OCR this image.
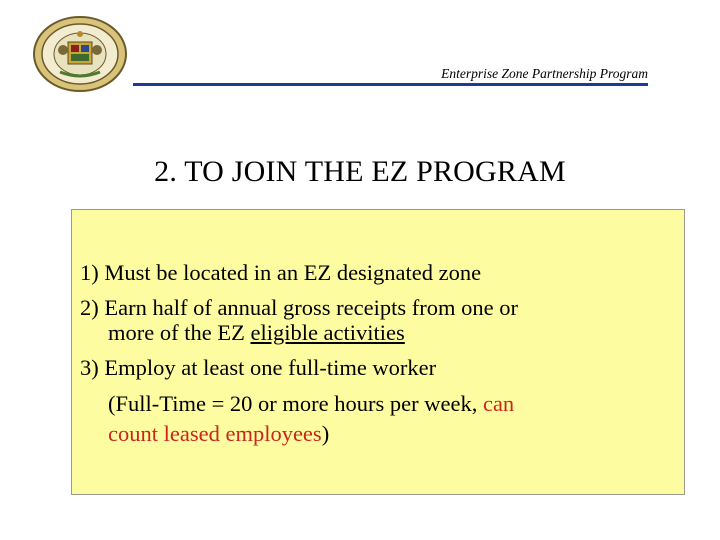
Enterprise Zone Partnership Program
2. TO JOIN THE EZ PROGRAM
1) Must be located in an EZ designated zone
2) Earn half of annual gross receipts from one or
more of the EZ eligible activities
3) Employ at least one full-time worker
(Full-Time = 20 or more hours per week, can
count leased employees)
